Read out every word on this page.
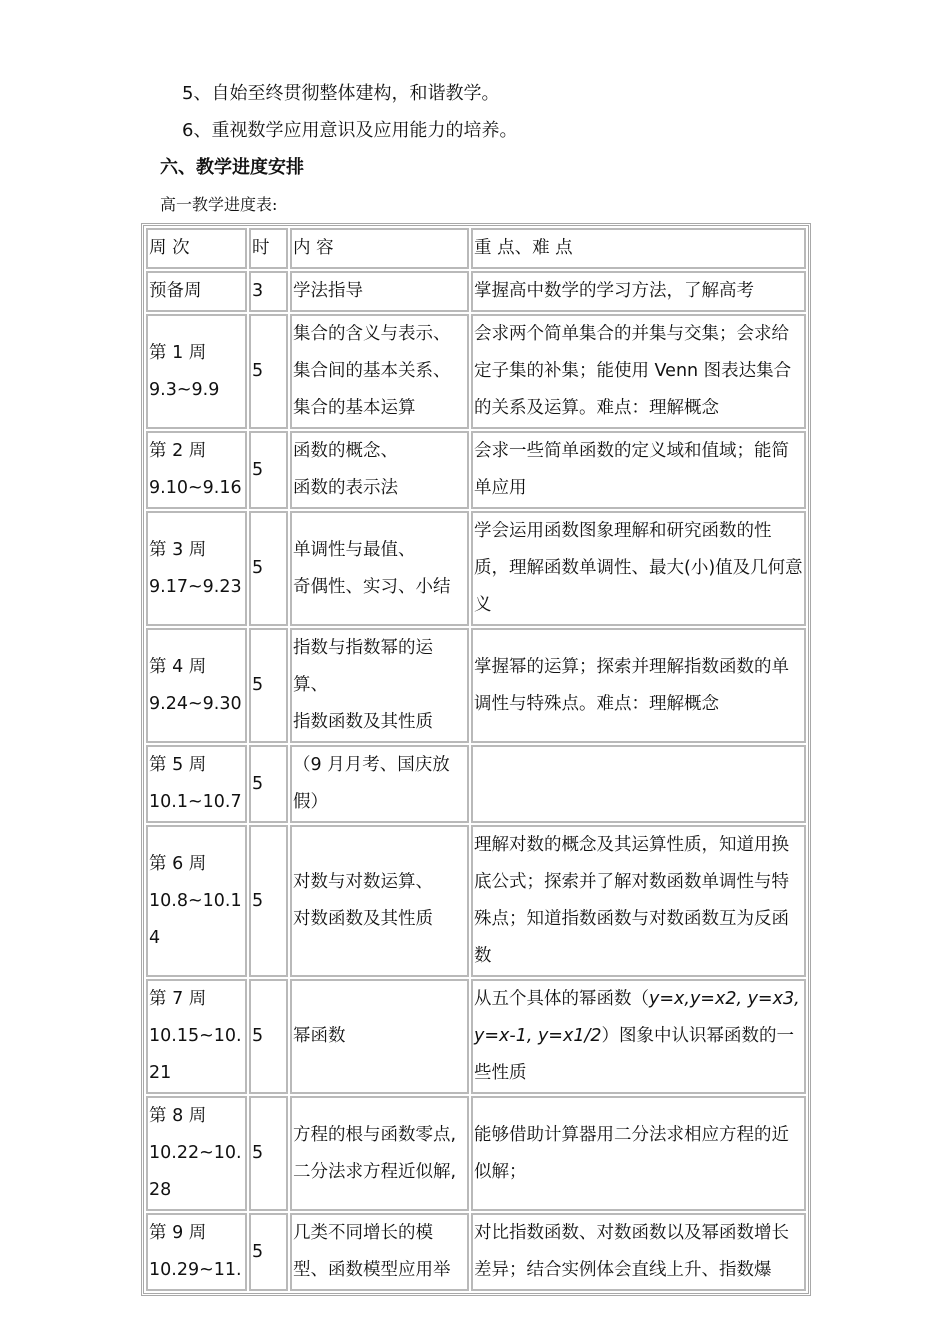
5、自始至终贯彻整体建构，和谐教学。
6、重视数学应用意识及应用能力的培养。
六、教学进度安排
高一教学进度表:
周 次	时	内 容	重 点、难 点
预备周	3	学法指导	掌握高中数学的学习方法，了解高考

第 1 周
9.3~9.9	5	集合的含义与表示、集合间的基本关系、集合的基本运算	会求两个简单集合的并集与交集；会求给定子集的补集；能使用 Venn 图表达集合的关系及运算。难点：理解概念

第 2 周
9.10~9.16	5	函数的概念、
函数的表示法	会求一些简单函数的定义域和值域；能简单应用

第 3 周
9.17~9.23	5	单调性与最值、
奇偶性、实习、小结	学会运用函数图象理解和研究函数的性质，理解函数单调性、最大(小)值及几何意义

第 4 周
9.24~9.30	5	指数与指数幂的运算、
指数函数及其性质	掌握幂的运算；探索并理解指数函数的单调性与特殊点。难点：理解概念

第 5 周
10.1~10.7	5	（9 月月考、国庆放假）	

第 6 周
10.8~10.14	5	对数与对数运算、
对数函数及其性质	理解对数的概念及其运算性质，知道用换底公式；探索并了解对数函数单调性与特殊点；知道指数函数与对数函数互为反函数

第 7 周
10.15~10.21	5	幂函数	从五个具体的幂函数（y=x,y=x2, y=x3, y=x-1, y=x1/2）图象中认识幂函数的一些性质

第 8 周
10.22~10.28	5	方程的根与函数零点,
二分法求方程近似解,	能够借助计算器用二分法求相应方程的近似解；

第 9 周
10.29~11.	5	几类不同增长的模型、函数模型应用举	对比指数函数、对数函数以及幂函数增长差异；结合实例体会直线上升、指数爆
